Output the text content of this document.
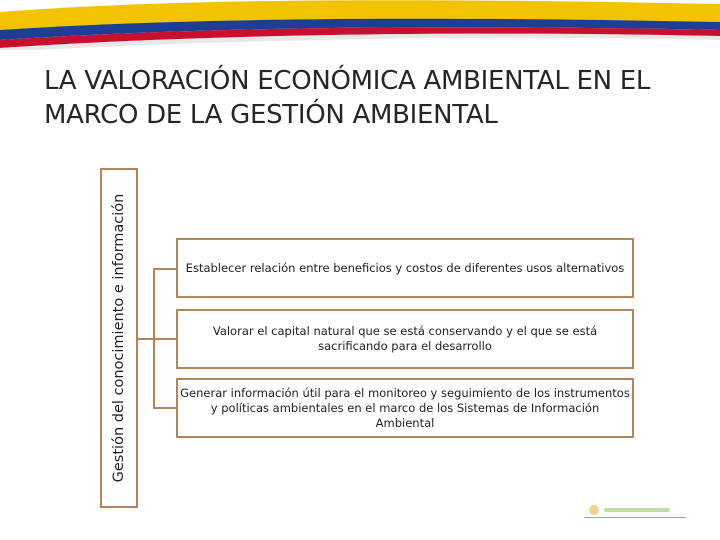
LA VALORACIÓN ECONÓMICA AMBIENTAL EN EL
MARCO DE LA GESTIÓN AMBIENTAL
Gestión del conocimiento e información	Establecer relación entre beneficios y costos de diferentes usos alternativos
Valorar el capital natural que se está conservando y el que se está sacrificando para el desarrollo
Generar información útil para el monitoreo y seguimiento de los instrumentos y políticas ambientales en el marco de los Sistemas de Información Ambiental
